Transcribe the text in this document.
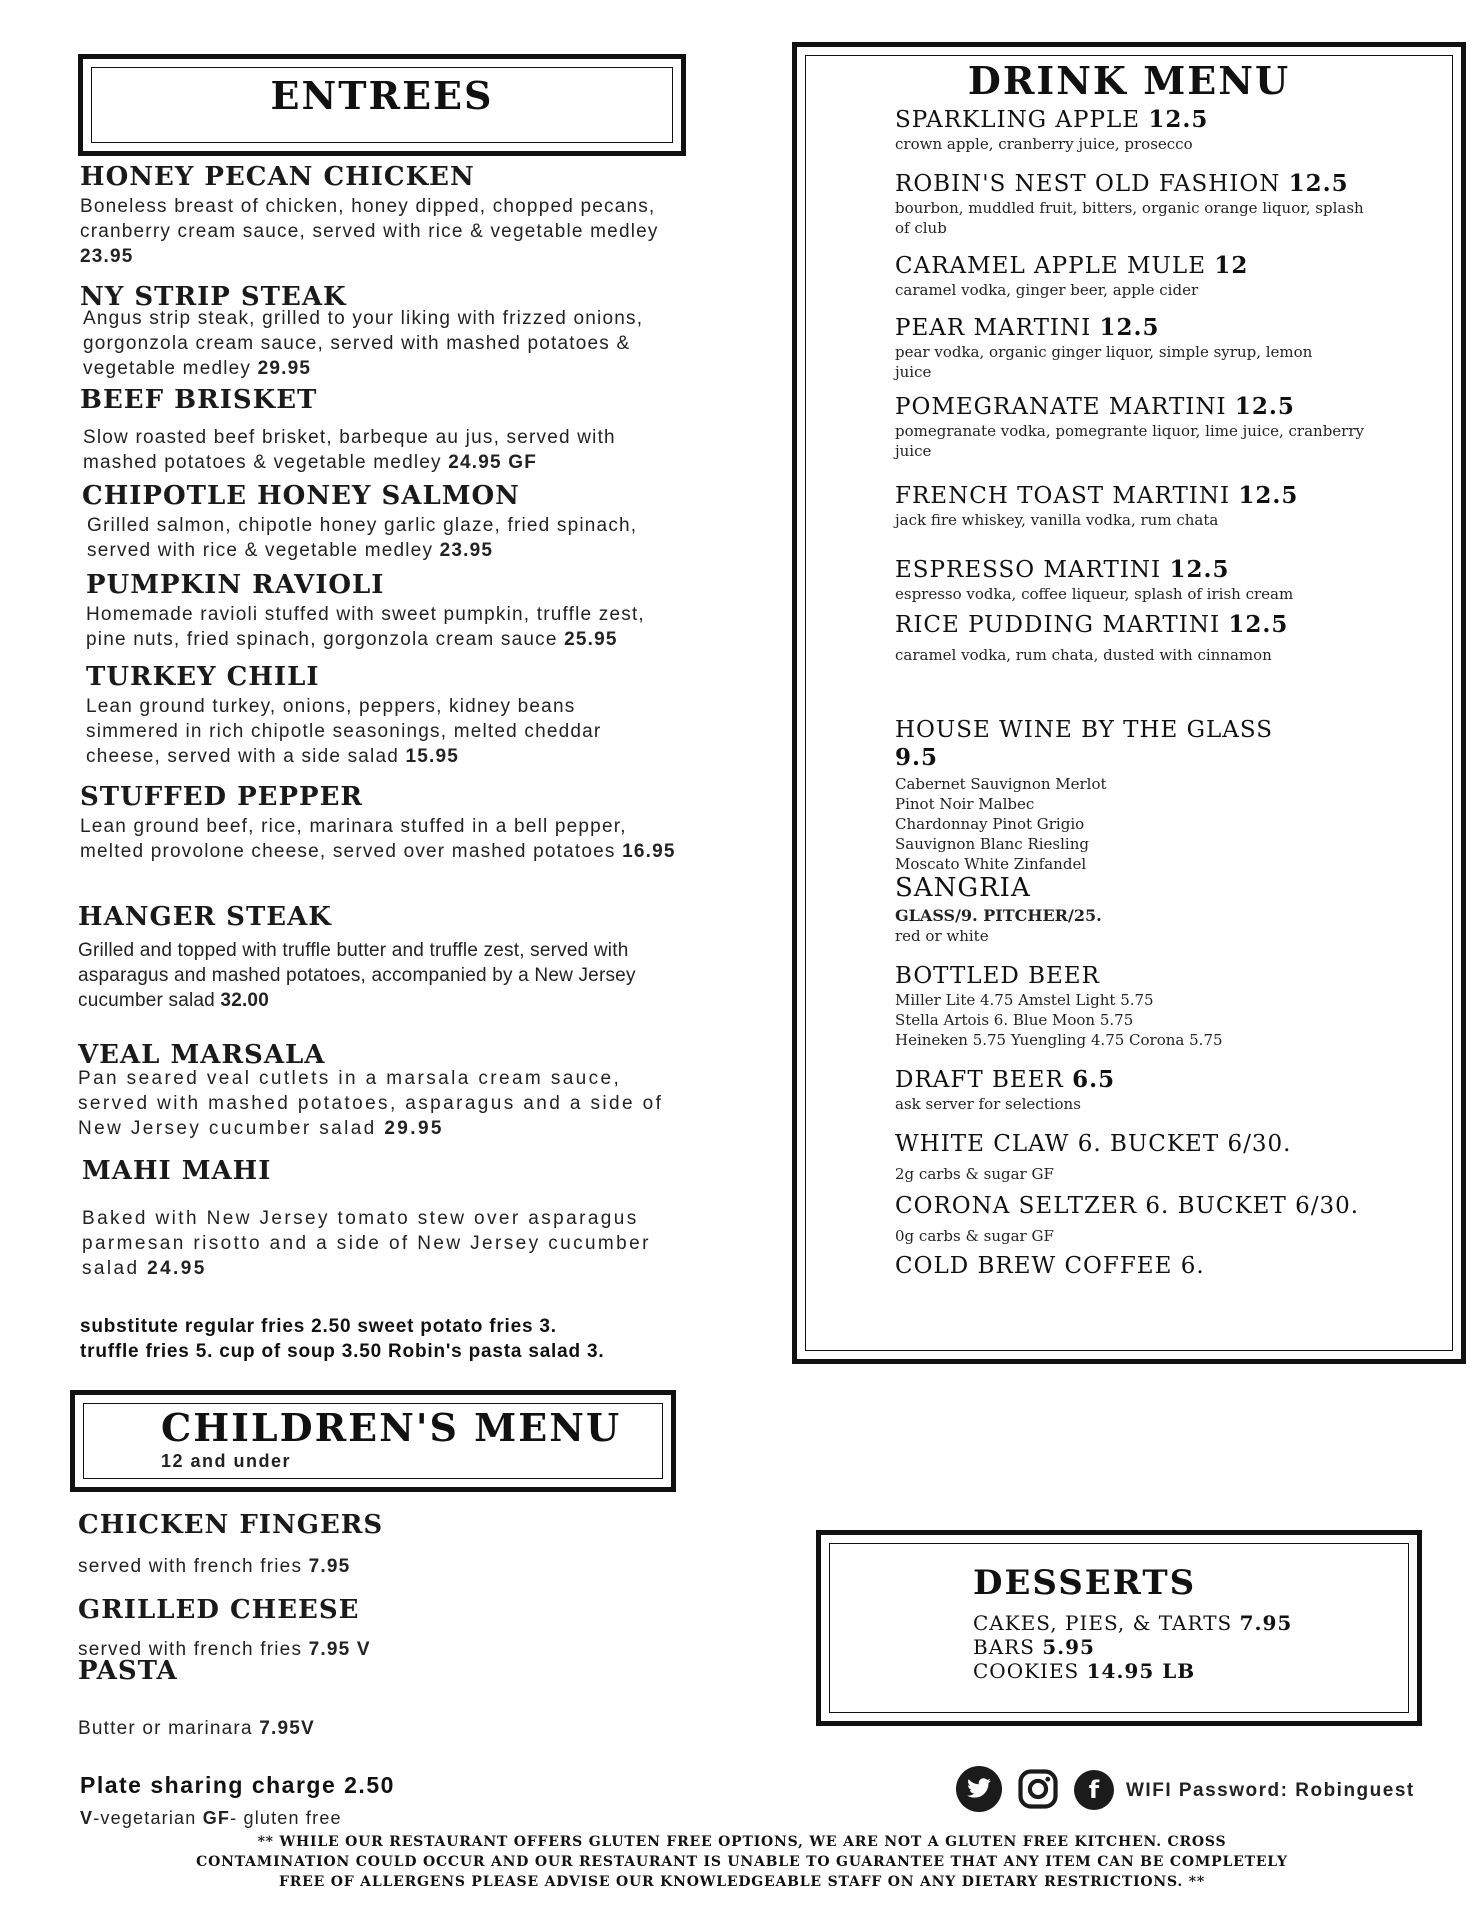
ENTREES

HONEY PECAN CHICKEN

Boneless breast of chicken, honey dipped, chopped pecans, cranberry cream sauce, served with rice & vegetable medley 23.95

NY STRIP STEAK

Angus strip steak, grilled to your liking with frizzed onions, gorgonzola cream sauce, served with mashed potatoes & vegetable medley 29.95

BEEF BRISKET

Slow roasted beef brisket, barbeque au jus, served with mashed potatoes & vegetable medley 24.95 GF

CHIPOTLE HONEY SALMON

Grilled salmon, chipotle honey garlic glaze, fried spinach, served with rice & vegetable medley 23.95

PUMPKIN RAVIOLI

Homemade ravioli stuffed with sweet pumpkin, truffle zest, pine nuts, fried spinach, gorgonzola cream sauce 25.95

TURKEY CHILI

Lean ground turkey, onions, peppers, kidney beans simmered in rich chipotle seasonings, melted cheddar cheese, served with a side salad 15.95

STUFFED PEPPER

Lean ground beef, rice, marinara stuffed in a bell pepper, melted provolone cheese, served over mashed potatoes 16.95

HANGER STEAK

Grilled and topped with truffle butter and truffle zest, served with asparagus and mashed potatoes, accompanied by a New Jersey cucumber salad 32.00

VEAL MARSALA

Pan seared veal cutlets in a marsala cream sauce, served with mashed potatoes, asparagus and a side of New Jersey cucumber salad 29.95

MAHI MAHI

Baked with New Jersey tomato stew over asparagus parmesan risotto and a side of New Jersey cucumber salad 24.95

substitute regular fries 2.50 sweet potato fries 3.
truffle fries 5. cup of soup 3.50 Robin's pasta salad 3.
CHILDREN'S MENU
12 and under

CHICKEN FINGERS

served with french fries 7.95

GRILLED CHEESE

served with french fries 7.95 V

PASTA

Butter or marinara 7.95V

Plate sharing charge 2.50
V-vegetarian GF- gluten free
** WHILE OUR RESTAURANT OFFERS GLUTEN FREE OPTIONS, WE ARE NOT A GLUTEN FREE KITCHEN. CROSS
CONTAMINATION COULD OCCUR AND OUR RESTAURANT IS UNABLE TO GUARANTEE THAT ANY ITEM CAN BE COMPLETELY
FREE OF ALLERGENS PLEASE ADVISE OUR KNOWLEDGEABLE STAFF ON ANY DIETARY RESTRICTIONS. **
DRINK MENU
SPARKLING APPLE 12.5
crown apple, cranberry juice, prosecco
ROBIN'S NEST OLD FASHION 12.5
bourbon, muddled fruit, bitters, organic orange liquor, splash of club
CARAMEL APPLE MULE 12
caramel vodka, ginger beer, apple cider
PEAR MARTINI 12.5
pear vodka, organic ginger liquor, simple syrup, lemon juice
POMEGRANATE MARTINI 12.5
pomegranate vodka, pomegrante liquor, lime juice, cranberry juice
FRENCH TOAST MARTINI 12.5
jack fire whiskey, vanilla vodka, rum chata
ESPRESSO MARTINI 12.5
espresso vodka, coffee liqueur, splash of irish cream
RICE PUDDING MARTINI 12.5
caramel vodka, rum chata, dusted with cinnamon
HOUSE WINE BY THE GLASS
9.5
Cabernet Sauvignon Merlot
Pinot Noir Malbec
Chardonnay Pinot Grigio
Sauvignon Blanc Riesling
Moscato White Zinfandel
SANGRIA
GLASS/9. PITCHER/25.
red or white
BOTTLED BEER
Miller Lite 4.75 Amstel Light 5.75
Stella Artois 6. Blue Moon 5.75
Heineken 5.75 Yuengling 4.75 Corona 5.75
DRAFT BEER 6.5
ask server for selections
WHITE CLAW 6. BUCKET 6/30.
2g carbs & sugar GF
CORONA SELTZER 6. BUCKET 6/30.
0g carbs & sugar GF
COLD BREW COFFEE 6.
DESSERTS
CAKES, PIES, & TARTS 7.95
BARS 5.95
COOKIES 14.95 LB
f WIFI Password: Robinguest
